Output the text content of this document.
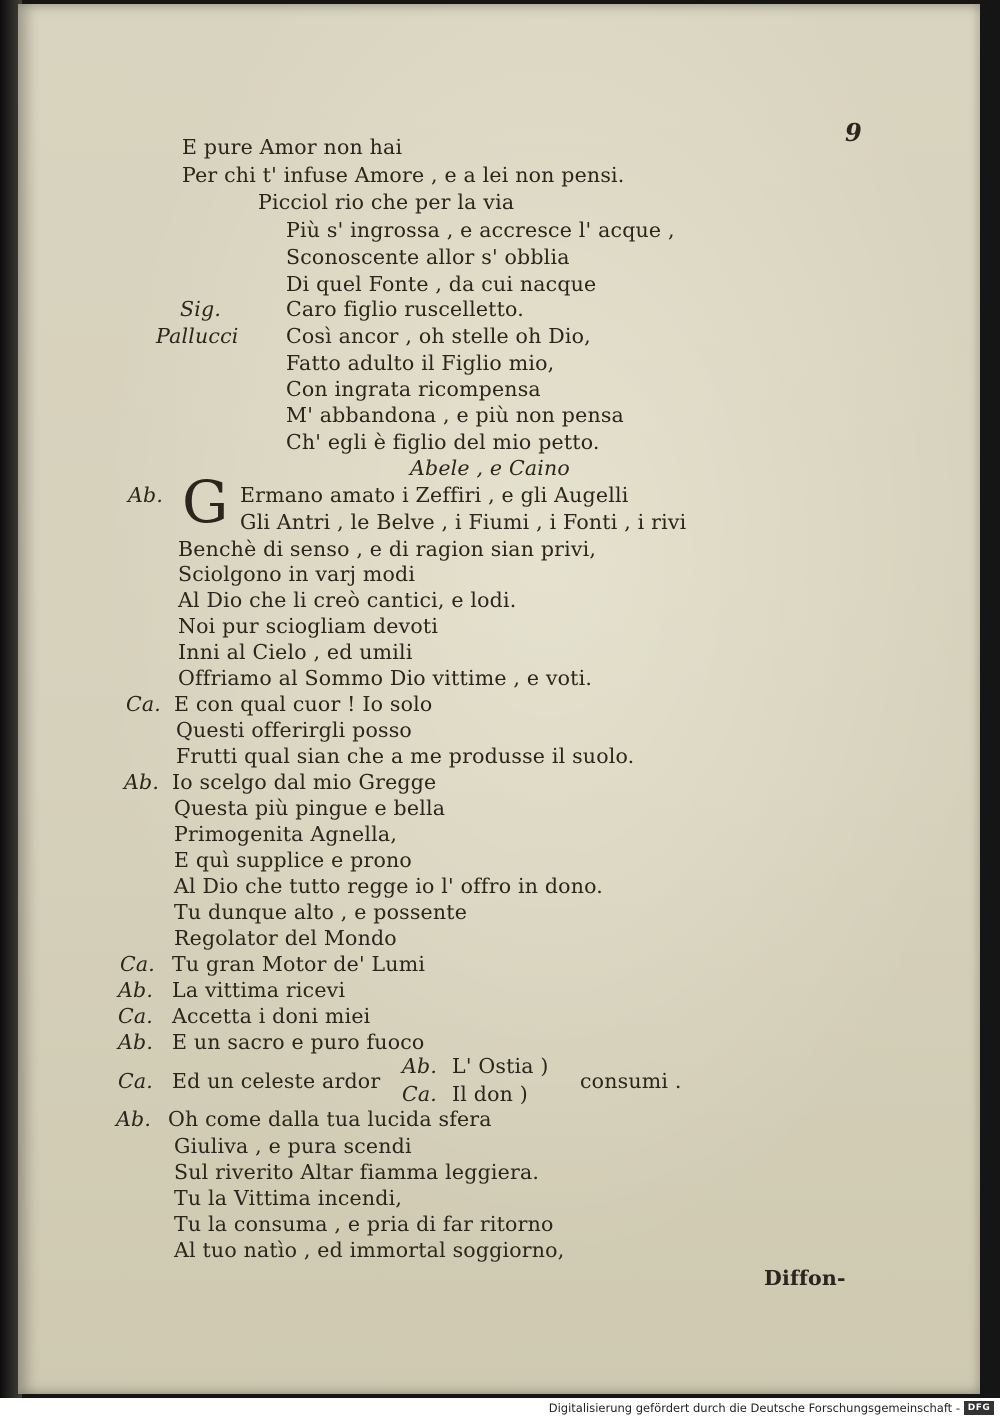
9
E pure Amor non hai
Per chi t' infuse Amore , e a lei non pensi.
Picciol rio che per la via
Più s' ingrossa , e accresce l' acque ,
Sconoscente allor s' obblia
Di quel Fonte , da cui nacque
Sig.	Caro figlio ruscelletto.
Pallucci Così ancor , oh stelle oh Dio,
Fatto adulto il Figlio mio,
Con ingrata ricompensa
M' abbandona , e più non pensa
Ch' egli è figlio del mio petto.
Abele , e Caino
Ab. G Ermano amato i Zeffiri , e gli Augelli
Gli Antri , le Belve , i Fiumi , i Fonti , i rivi
Benchè di senso , e di ragion sian privi,
Sciolgono in varj modi
Al Dio che li creò cantici, e lodi.
Noi pur sciogliam devoti
Inni al Cielo , ed umili
Offriamo al Sommo Dio vittime , e voti.
Ca. E con qual cuor ! Io solo
Questi offerirgli posso
Frutti qual sian che a me produsse il suolo.
Ab. Io scelgo dal mio Gregge
Questa più pingue e bella
Primogenita Agnella,
E quì supplice e prono
Al Dio che tutto regge io l' offro in dono.
Tu dunque alto , e possente
Regolator del Mondo
Ca. Tu gran Motor de' Lumi
Ab. La vittima ricevi
Ca. Accetta i doni miei
Ab. E un sacro e puro fuoco
Ca. Ed un celeste ardor
Ab. L' Ostia )
Ca. Il don )
consumi .
Ab. Oh come dalla tua lucida sfera
Giuliva , e pura scendi
Sul riverito Altar fiamma leggiera.
Tu la Vittima incendi,
Tu la consuma , e pria di far ritorno
Al tuo natìo , ed immortal soggiorno,
Diffon-
Digitalisierung gefördert durch die Deutsche Forschungsgemeinschaft - DFG
